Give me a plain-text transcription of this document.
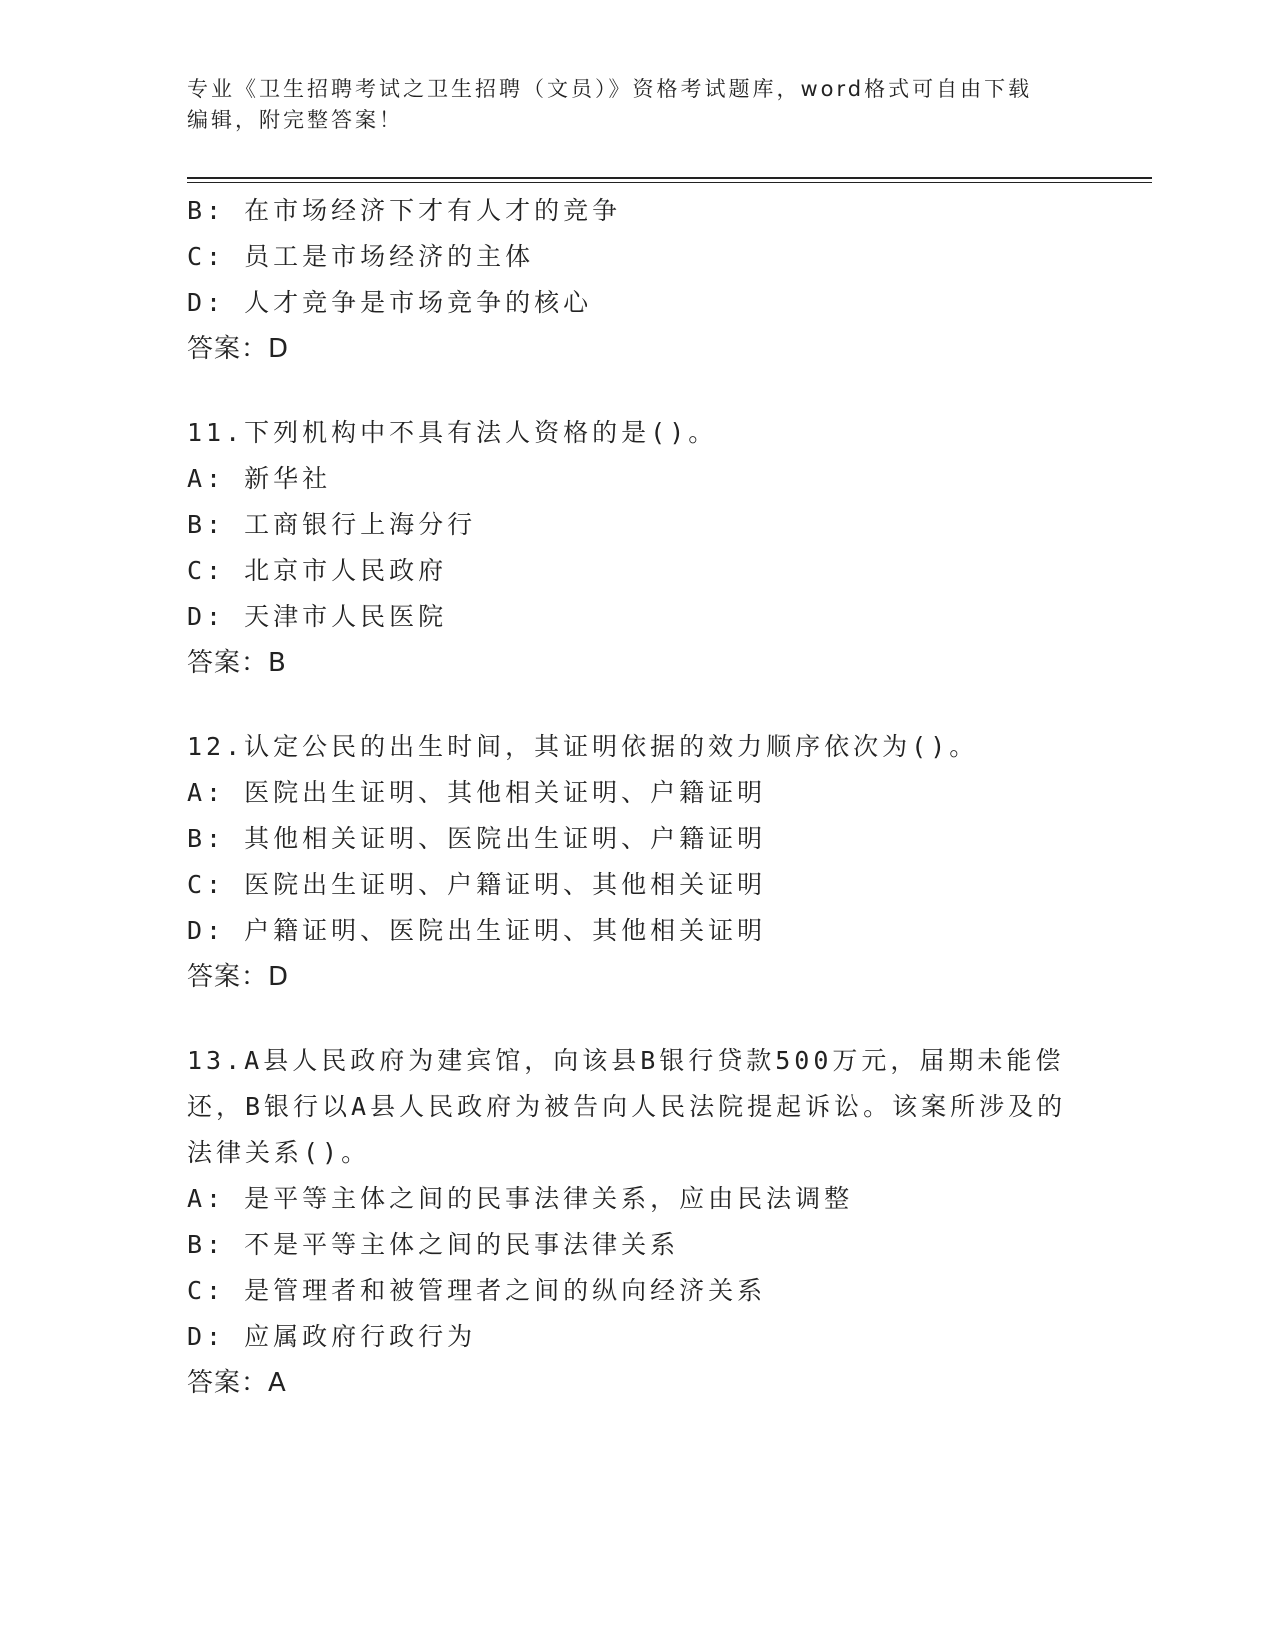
专业《卫生招聘考试之卫生招聘（文员）》资格考试题库，word格式可自由下载
编辑，附完整答案！
B: 在市场经济下才有人才的竞争
C: 员工是市场经济的主体
D: 人才竞争是市场竞争的核心
答案：D
11.下列机构中不具有法人资格的是()。
A: 新华社
B: 工商银行上海分行
C: 北京市人民政府
D: 天津市人民医院
答案：B
12.认定公民的出生时间，其证明依据的效力顺序依次为()。
A: 医院出生证明、其他相关证明、户籍证明
B: 其他相关证明、医院出生证明、户籍证明
C: 医院出生证明、户籍证明、其他相关证明
D: 户籍证明、医院出生证明、其他相关证明
答案：D
13.A县人民政府为建宾馆，向该县B银行贷款500万元，届期未能偿
还，B银行以A县人民政府为被告向人民法院提起诉讼。该案所涉及的
法律关系()。
A: 是平等主体之间的民事法律关系，应由民法调整
B: 不是平等主体之间的民事法律关系
C: 是管理者和被管理者之间的纵向经济关系
D: 应属政府行政行为
答案：A
